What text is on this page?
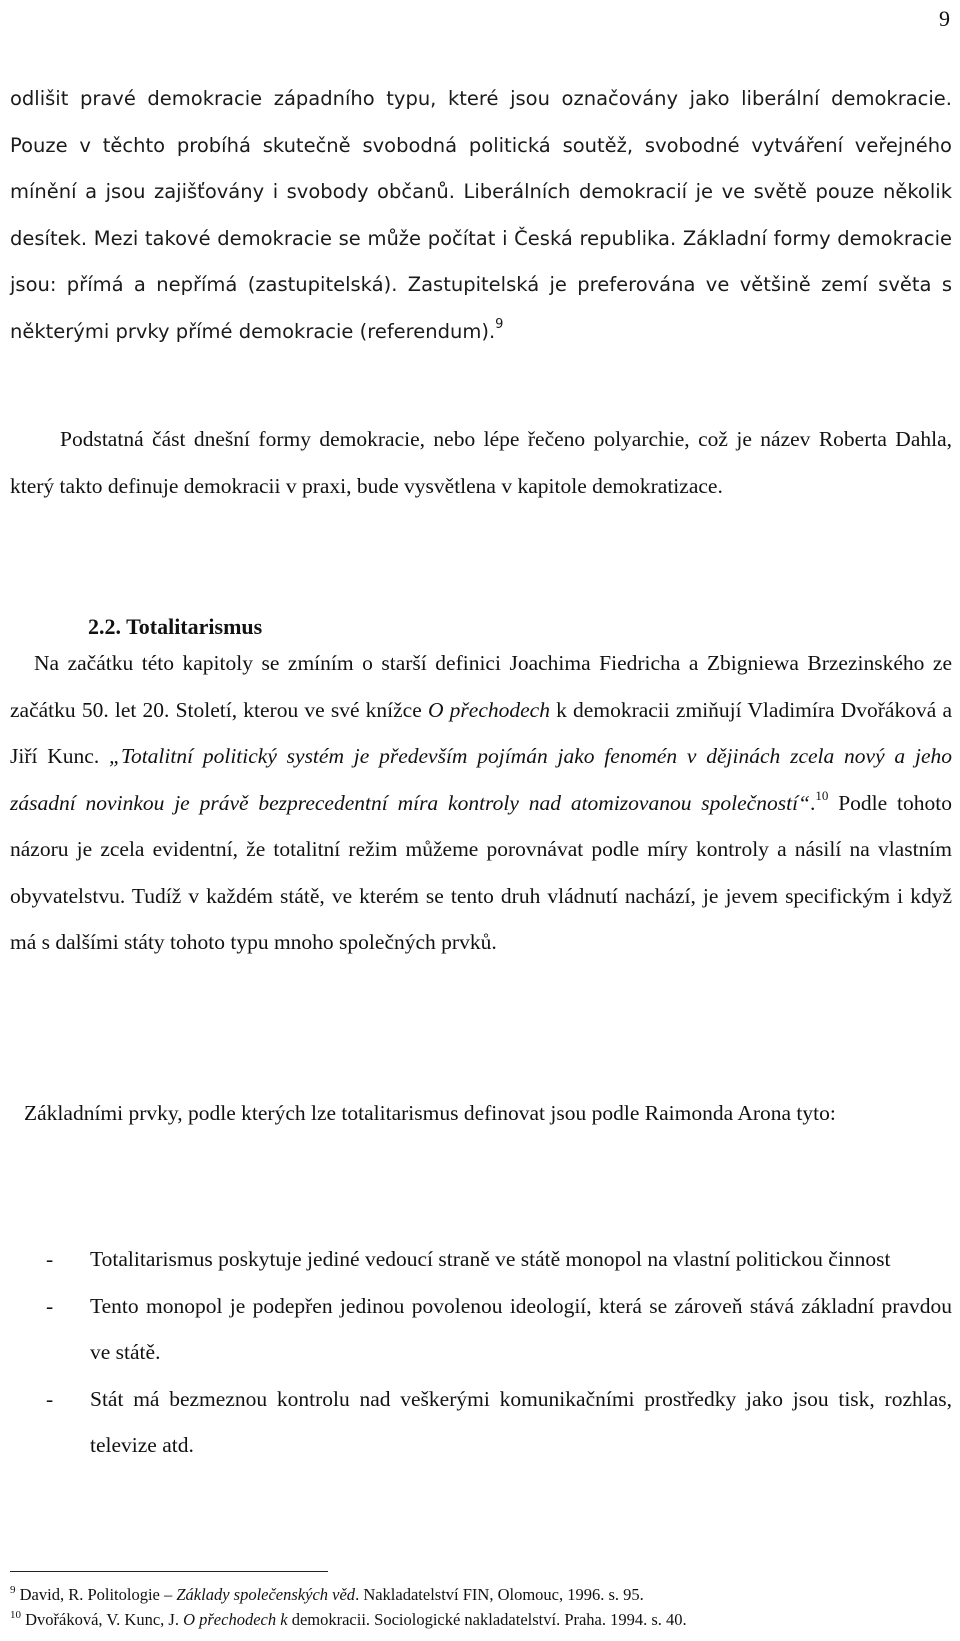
9

odlišit pravé demokracie západního typu, které jsou označovány jako liberální demokracie. Pouze v těchto probíhá skutečně svobodná politická soutěž, svobodné vytváření veřejného mínění a jsou zajišťovány i svobody občanů. Liberálních demokracií je ve světě pouze několik desítek. Mezi takové demokracie se může počítat i Česká republika. Základní formy demokracie jsou: přímá a nepřímá (zastupitelská). Zastupitelská je preferována ve většině zemí světa s některými prvky přímé demokracie (referendum).$^9$

Podstatná část dnešní formy demokracie, nebo lépe řečeno polyarchie, což je název Roberta Dahla, který takto definuje demokracii v praxi, bude vysvětlena v kapitole demokratizace.

2.2. Totalitarismus

Na začátku této kapitoly se zmíním o starší definici Joachima Fiedricha a Zbigniewa Brzezinského ze začátku 50. let 20. Století, kterou ve své knížce O přechodech k demokracii zmiňují Vladimíra Dvořáková a Jiří Kunc. „Totalitní politický systém je především pojímán jako fenomén v dějinách zcela nový a jeho zásadní novinkou je právě bezprecedentní míra kontroly nad atomizovanou společností“.$^{10}$ Podle tohoto názoru je zcela evidentní, že totalitní režim můžeme porovnávat podle míry kontroly a násilí na vlastním obyvatelstvu. Tudíž v každém státě, ve kterém se tento druh vládnutí nachází, je jevem specifickým i když má s dalšími státy tohoto typu mnoho společných prvků.

Základními prvky, podle kterých lze totalitarismus definovat jsou podle Raimonda Arona tyto:

- Totalitarismus poskytuje jediné vedoucí straně ve státě monopol na vlastní politickou činnost
- Tento monopol je podepřen jedinou povolenou ideologií, která se zároveň stává základní pravdou ve státě.
- Stát má bezmeznou kontrolu nad veškerými komunikačními prostředky jako jsou tisk, rozhlas, televize atd.
$^9$ David, R. Politologie – Základy společenských věd. Nakladatelství FIN, Olomouc, 1996. s. 95.
$^{10}$ Dvořáková, V. Kunc, J. O přechodech k demokracii. Sociologické nakladatelství. Praha. 1994. s. 40.
